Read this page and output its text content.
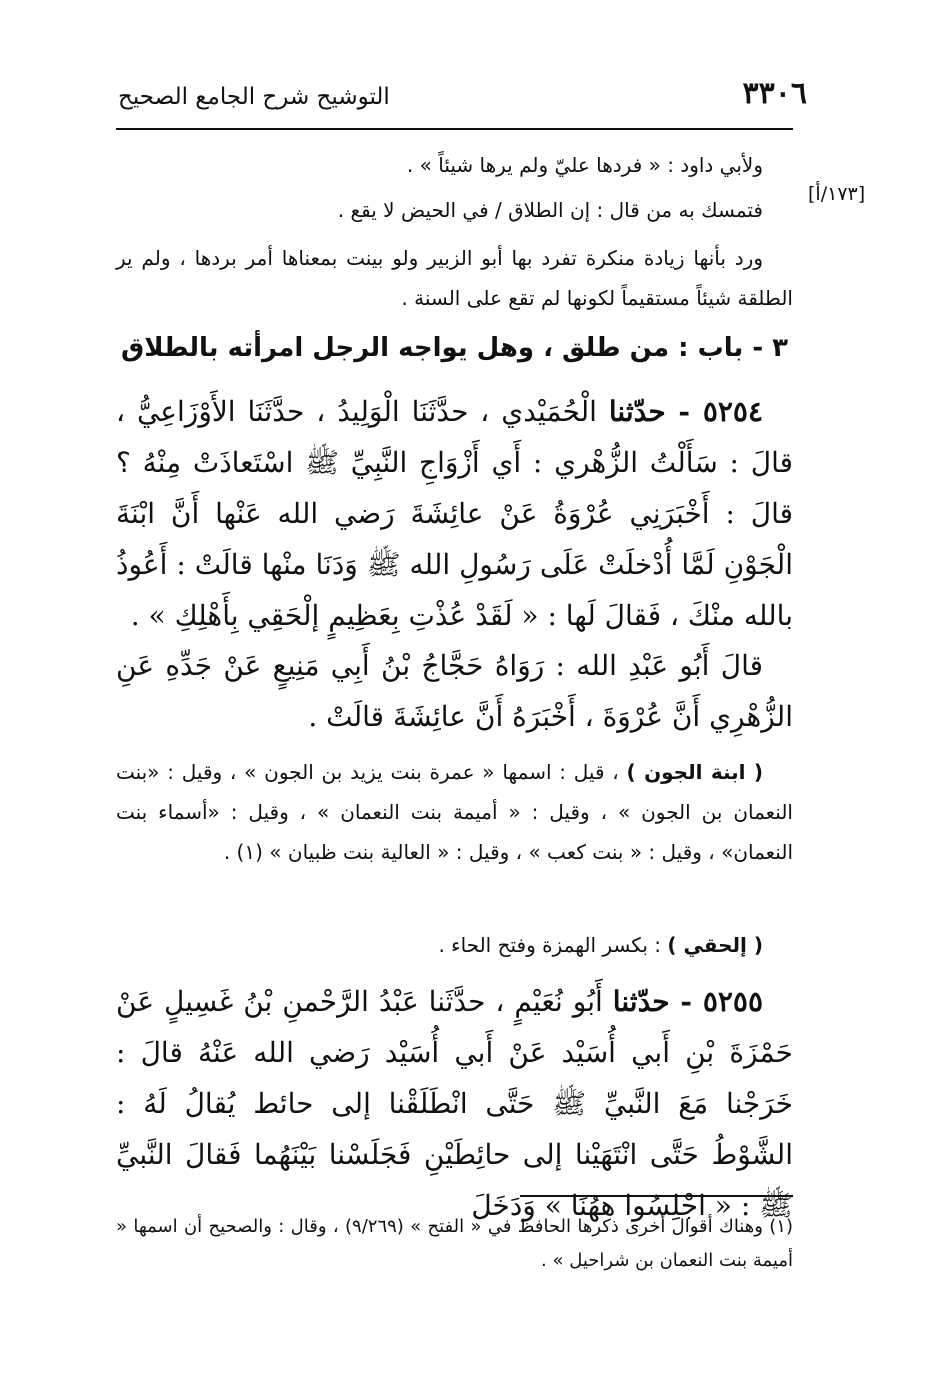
٣٣٠٦
التوشيح شرح الجامع الصحيح

ولأبي داود : « فردها عليّ ولم يرها شيئاً » .

[١٧٣/أ]

فتمسك به من قال : إن الطلاق / في الحيض لا يقع .

ورد بأنها زيادة منكرة تفرد بها أبو الزبير ولو بينت بمعناها أمر بردها ، ولم ير الطلقة شيئاً مستقيماً لكونها لم تقع على السنة .

٣ - باب : من طلق ، وهل يواجه الرجل امرأته بالطلاق

٥٢٥٤ - حدّثنا الْحُمَيْدي ، حدَّثَنَا الْوَلِيدُ ، حدَّثَنَا الأَوْزَاعِيُّ ، قالَ : سَأَلْتُ الزُّهْري : أَي أَزْوَاجِ النَّبِيِّ ﷺ اسْتَعاذَتْ مِنْهُ ؟ قالَ : أَخْبَرَنِي عُرْوَةُ عَنْ عائِشَةَ رَضي الله عَنْها أَنَّ ابْنَةَ الْجَوْنِ لَمَّا أُدْخلَتْ عَلَى رَسُولِ الله ﷺ وَدَنَا منْها قالَتْ : أَعُوذُ بالله منْكَ ، فَقالَ لَها : « لَقَدْ عُذْتِ بِعَظِيمٍ إلْحَقِي بِأَهْلِكِ » .

قالَ أَبُو عَبْدِ الله : رَوَاهُ حَجَّاجُ بْنُ أَبِي مَنِيعٍ عَنْ جَدِّهِ عَنِ الزُّهْرِي أَنَّ عُرْوَةَ ، أَخْبَرَهُ أَنَّ عائِشَةَ قالَتْ .

( ابنة الجون ) ، قيل : اسمها « عمرة بنت يزيد بن الجون » ، وقيل : «بنت النعمان بن الجون » ، وقيل : « أميمة بنت النعمان » ، وقيل : «أسماء بنت النعمان» ، وقيل : « بنت كعب » ، وقيل : « العالية بنت ظبيان » (١) .

( إلحقي ) : بكسر الهمزة وفتح الحاء .

٥٢٥٥ - حدّثنا أَبُو نُعَيْمٍ ، حدَّثَنا عَبْدُ الرَّحْمنِ بْنُ غَسِيلٍ عَنْ حَمْزَةَ بْنِ أَبي أُسَيْد عَنْ أَبي أُسَيْد رَضي الله عَنْهُ قالَ : خَرَجْنا مَعَ النَّبيِّ ﷺ حَتَّى انْطَلَقْنا إلى حائط يُقالُ لَهُ : الشَّوْطُ حَتَّى انْتَهَيْنا إلى حائِطَيْنِ فَجَلَسْنا بَيْنَهُما فَقالَ النَّبيِّ ﷺ : « اجْلِسُوا ههُنَا » وَدَخَلَ

(١) وهناك أقوال أخرى ذكرها الحافظ في « الفتح » (٩/٢٦٩) ، وقال : والصحيح أن اسمها « أميمة بنت النعمان بن شراحيل » .
